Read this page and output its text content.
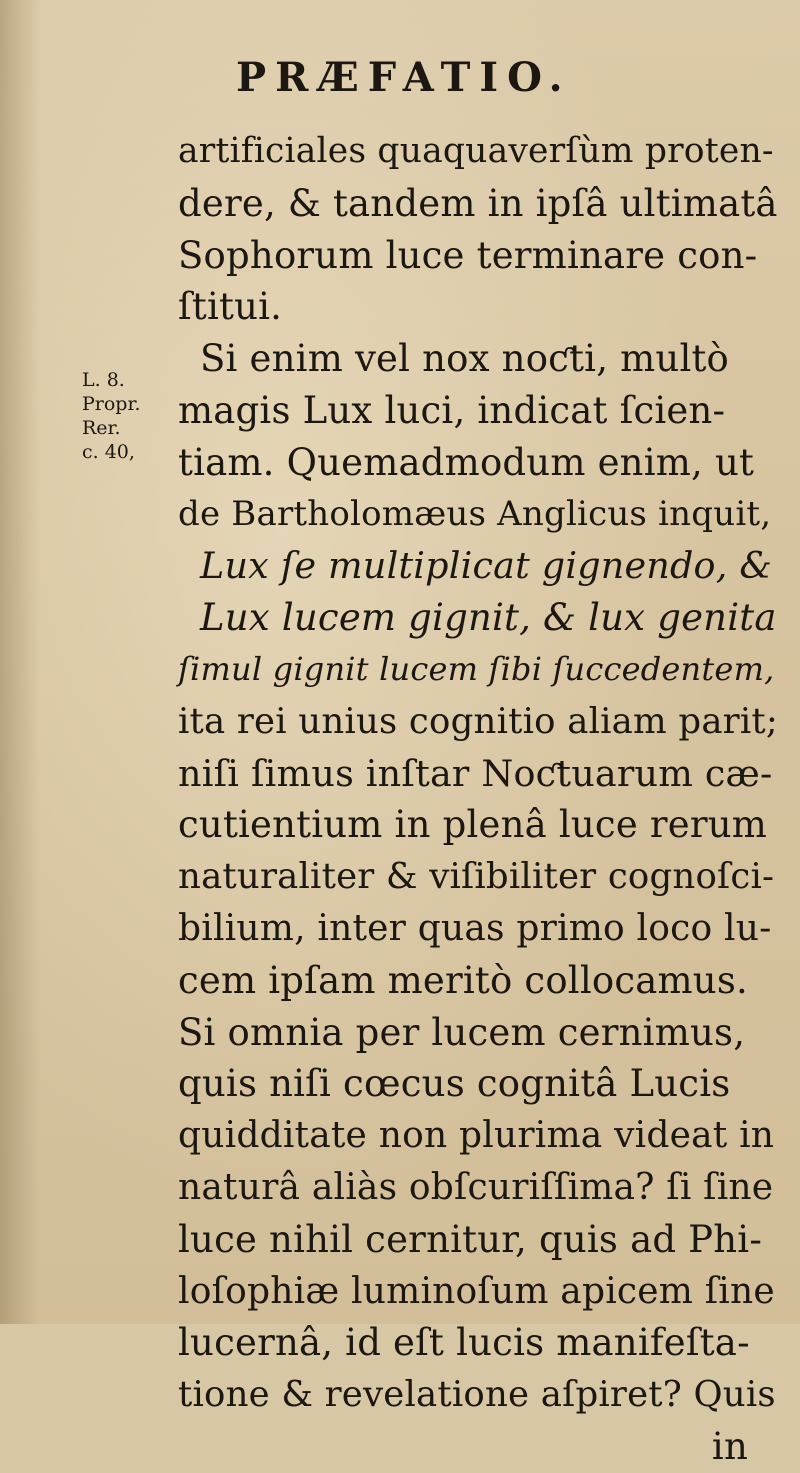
PRÆFATIO.
L. 8.
Propr.
Rer.
c. 40,
artificiales quaquaverſùm proten-
dere, & tandem in ipſâ ultimatâ
Sophorum luce terminare con-
ſtitui.
Si enim vel nox noƈti, multò
magis Lux luci, indicat ſcien-
tiam. Quemadmodum enim, ut
de Bartholomæus Anglicus inquit,
Lux ſe multiplicat gignendo, &
Lux lucem gignit, & lux genita
ſimul gignit lucem ſibi ſuccedentem,
ita rei unius cognitio aliam parit;
niſi ſimus inſtar Noƈtuarum cæ-
cutientium in plenâ luce rerum
naturaliter & viſibiliter cognoſci-
bilium, inter quas primo loco lu-
cem ipſam meritò collocamus.
Si omnia per lucem cernimus,
quis niſi cœcus cognitâ Lucis
quidditate non plurima videat in
naturâ aliàs obſcuriſſima? ſi ſine
luce nihil cernitur, quis ad Phi-
loſophiæ luminoſum apicem ſine
lucernâ, id eſt lucis manifeſta-
tione & revelatione aſpiret? Quis
in
